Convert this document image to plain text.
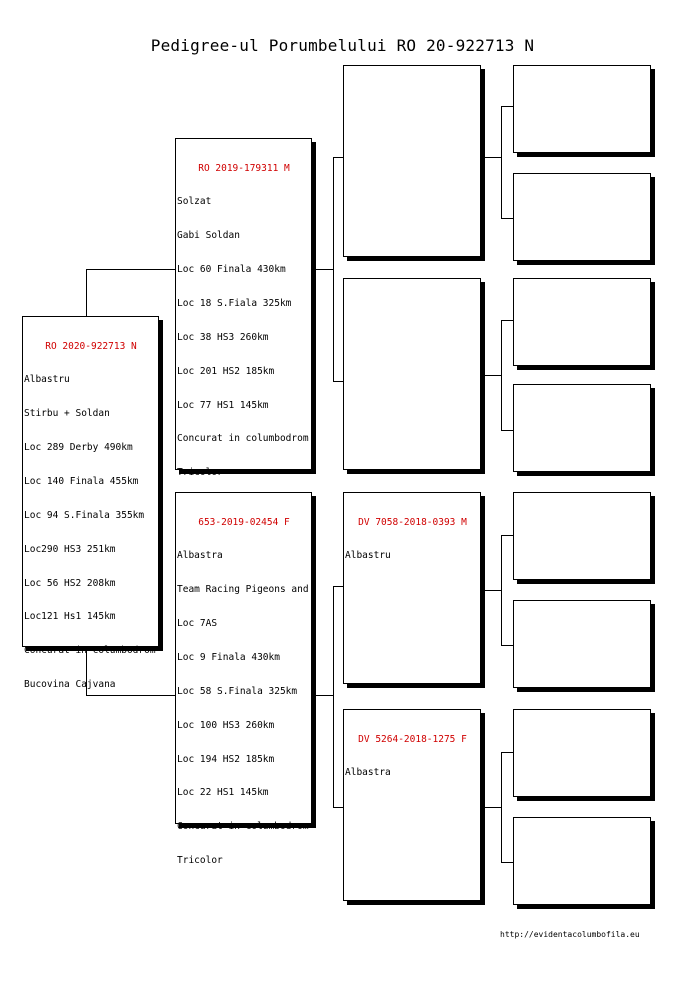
Pedigree-ul Porumbelului RO 20-922713 N

RO 2020-922713 N

Albastru

Stirbu + Soldan

Loc 289 Derby 490km

Loc 140 Finala 455km

Loc 94 S.Finala 355km

Loc290 HS3 251km

Loc 56 HS2 208km

Loc121 Hs1 145km

Concurat in columbodrom

Bucovina Cajvana

RO 2019-179311 M

Solzat

Gabi Soldan

Loc 60 Finala 430km

Loc 18 S.Fiala 325km

Loc 38 HS3 260km

Loc 201 HS2 185km

Loc 77 HS1 145km

Concurat in columbodrom

Tricolor

653-2019-02454 F

Albastra

Team Racing Pigeons and

Loc 7AS

Loc 9 Finala 430km

Loc 58 S.Finala 325km

Loc 100 HS3 260km

Loc 194 HS2 185km

Loc 22 HS1 145km

Concurat in columbodrom

Tricolor

DV 7058-2018-0393 M

Albastru

DV 5264-2018-1275 F

Albastra

http://evidentacolumbofila.eu
